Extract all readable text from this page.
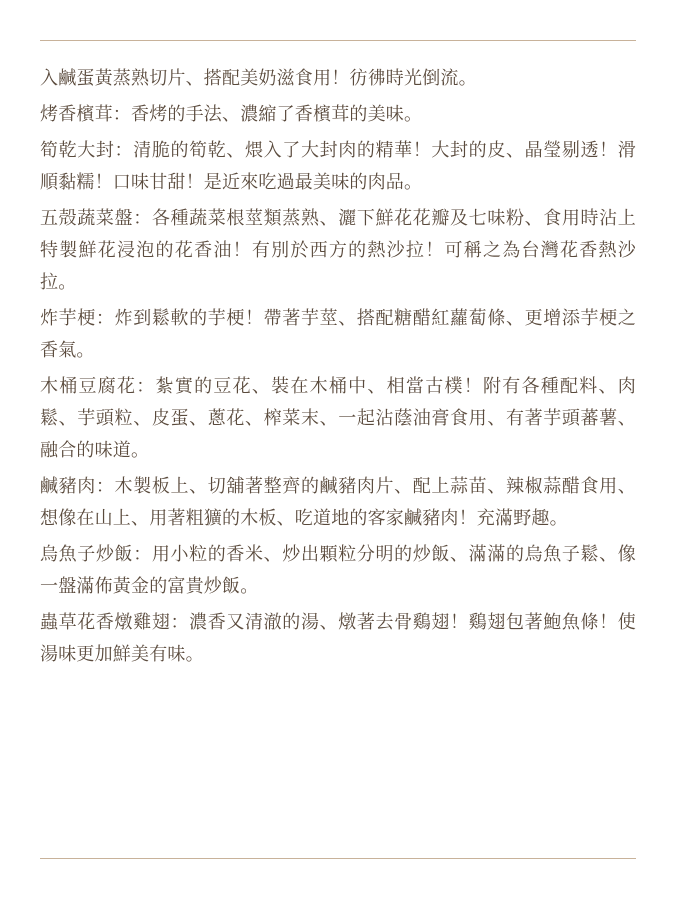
入鹹蛋黃蒸熟切片、搭配美奶滋食用！彷彿時光倒流。

烤香檳茸：香烤的手法、濃縮了香檳茸的美味。

筍乾大封：清脆的筍乾、煨入了大封肉的精華！大封的皮、晶瑩剔透！滑順黏糯！口味甘甜！是近來吃過最美味的肉品。

五殻蔬菜盤：各種蔬菜根莖類蒸熟、灑下鮮花花瓣及七味粉、食用時沾上特製鮮花浸泡的花香油！有別於西方的熱沙拉！可稱之為台灣花香熱沙拉。

炸芋梗：炸到鬆軟的芋梗！帶著芋莖、搭配糖醋紅蘿蔔條、更增添芋梗之香氣。

木桶豆腐花：紮實的豆花、裝在木桶中、相當古樸！附有各種配料、肉鬆、芋頭粒、皮蛋、蔥花、榨菜末、一起沾蔭油膏食用、有著芋頭蕃薯、融合的味道。

鹹豬肉：木製板上、切舖著整齊的鹹豬肉片、配上蒜苗、辣椒蒜醋食用、想像在山上、用著粗獷的木板、吃道地的客家鹹豬肉！充滿野趣。

烏魚子炒飯：用小粒的香米、炒出顆粒分明的炒飯、滿滿的烏魚子鬆、像一盤滿佈黃金的富貴炒飯。

蟲草花香燉雞翅：濃香又清澈的湯、燉著去骨鷄翅！鷄翅包著鮑魚條！使湯味更加鮮美有味。
